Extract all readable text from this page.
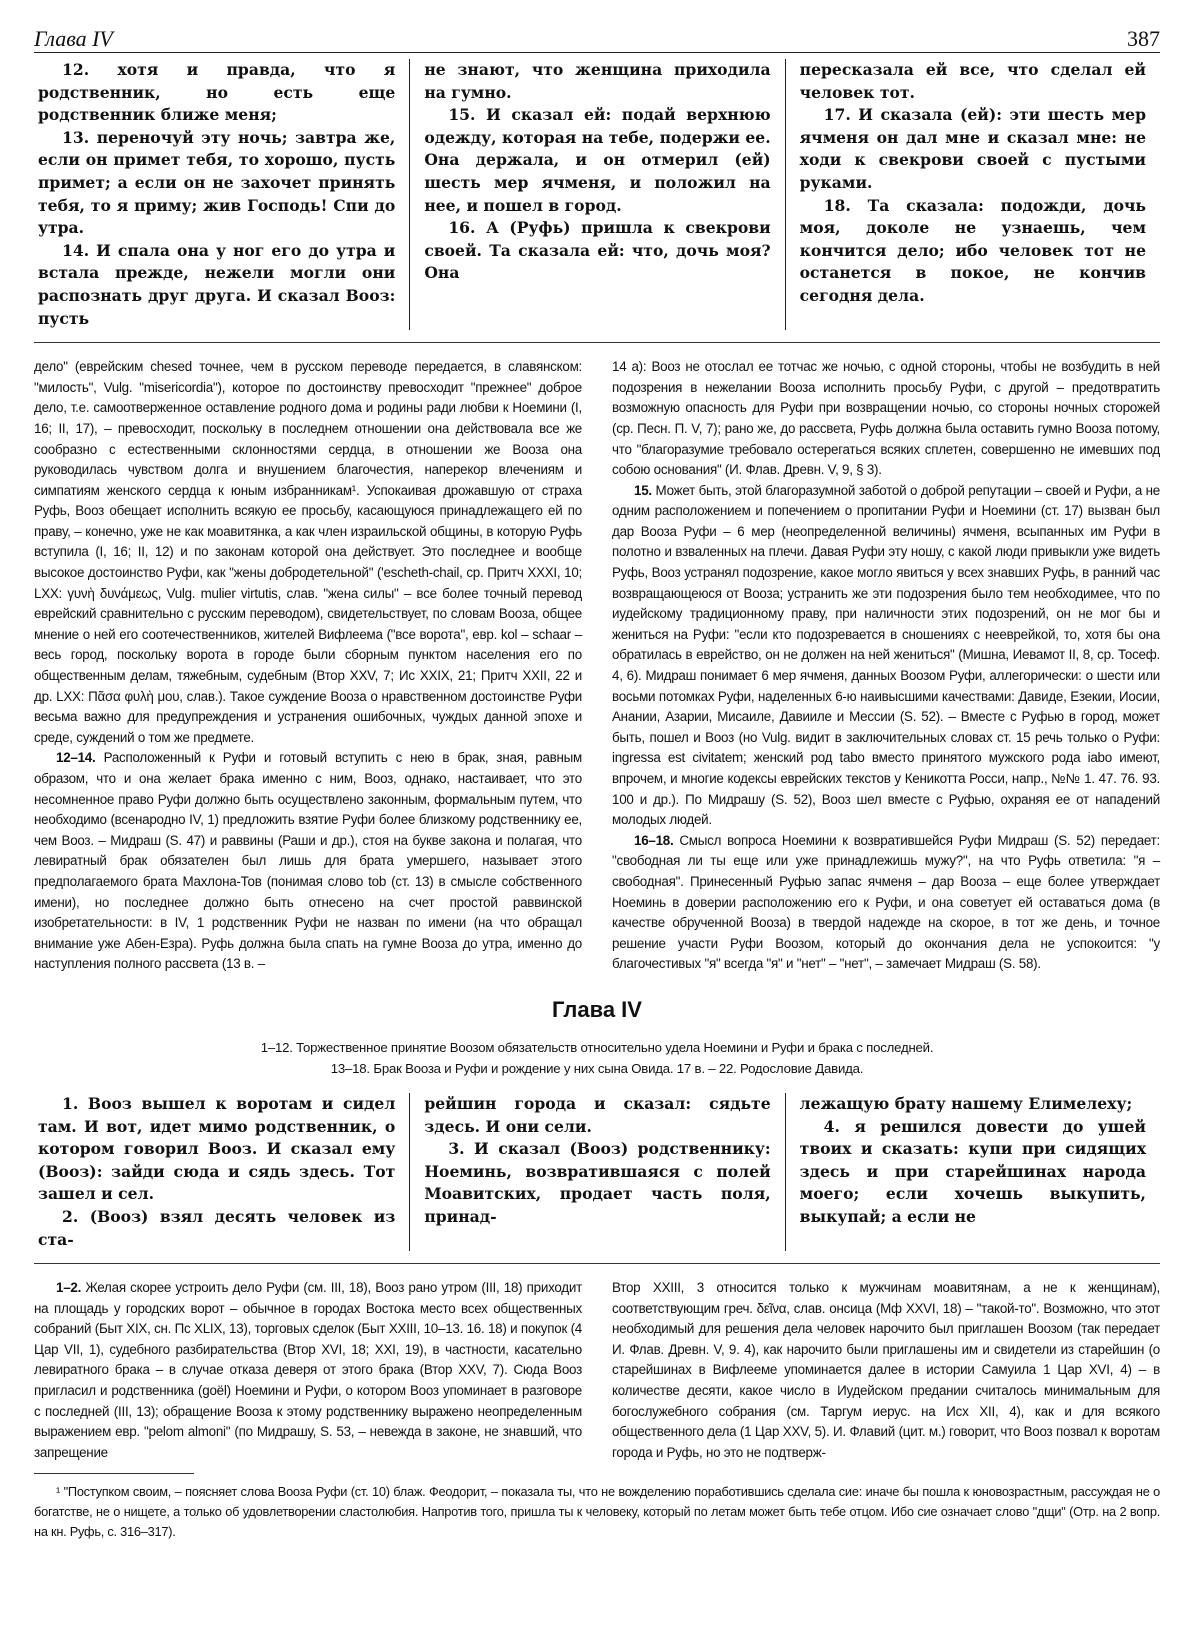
Глава IV	387

12. хотя и правда, что я родственник, но есть еще родственник ближе меня;

13. переночуй эту ночь; завтра же, если он примет тебя, то хорошо, пусть примет; а если он не захочет принять тебя, то я приму; жив Господь! Спи до утра.

14. И спала она у ног его до утра и встала прежде, нежели могли они распознать друг друга. И сказал Вооз: пусть

не знают, что женщина приходила на гумно.

15. И сказал ей: подай верхнюю одежду, которая на тебе, подержи ее. Она держала, и он отмерил (ей) шесть мер ячменя, и положил на нее, и пошел в город.

16. А (Руфь) пришла к свекрови своей. Та сказала ей: что, дочь моя? Она

пересказала ей все, что сделал ей человек тот.

17. И сказала (ей): эти шесть мер ячменя он дал мне и сказал мне: не ходи к свекрови своей с пустыми руками.

18. Та сказала: подожди, дочь моя, доколе не узнаешь, чем кончится дело; ибо человек тот не останется в покое, не кончив сегодня дела.

дело" (еврейским chesed точнее, чем в русском переводе передается, в славянском: "милость", Vulg. "misericordia"), которое по достоинству превосходит "прежнее" доброе дело, т.е. самоотверженное оставление родного дома и родины ради любви к Ноемини (I, 16; II, 17), – превосходит, поскольку в последнем отношении она действовала все же сообразно с естественными склонностями сердца, в отношении же Вооза она руководилась чувством долга и внушением благочестия, наперекор влечениям и симпатиям женского сердца к юным избранникам¹. Успокаивая дрожавшую от страха Руфь, Вооз обещает исполнить всякую ее просьбу, касающуюся принадлежащего ей по праву, – конечно, уже не как моавитянка, а как член израильской общины, в которую Руфь вступила (I, 16; II, 12) и по законам которой она действует. Это последнее и вообще высокое достоинство Руфи, как "жены добродетельной" ('escheth-chail, ср. Притч XXXI, 10; LXX: γυνὴ δυνάμεως, Vulg. mulier virtutis, слав. "жена силы" – все более точный перевод еврейский сравнительно с русским переводом), свидетельствует, по словам Вооза, общее мнение о ней его соотечественников, жителей Вифлеема ("все ворота", евр. kol – schaar – весь город, поскольку ворота в городе были сборным пунктом населения его по общественным делам, тяжебным, судебным (Втор XXV, 7; Ис XXIX, 21; Притч XXII, 22 и др. LXX: Πᾶσα φυλὴ μου, слав.). Такое суждение Вооза о нравственном достоинстве Руфи весьма важно для предупреждения и устранения ошибочных, чуждых данной эпохе и среде, суждений о том же предмете.

12–14. Расположенный к Руфи и готовый вступить с нею в брак, зная, равным образом, что и она желает брака именно с ним, Вооз, однако, настаивает, что это несомненное право Руфи должно быть осуществлено законным, формальным путем, что необходимо (всенародно IV, 1) предложить взятие Руфи более близкому родственнику ее, чем Вооз. – Мидраш (S. 47) и раввины (Раши и др.), стоя на букве закона и полагая, что левиратный брак обязателен был лишь для брата умершего, называет этого предполагаемого брата Махлона-Тов (понимая слово tob (ст. 13) в смысле собственного имени), но последнее должно быть отнесено на счет простой раввинской изобретательности: в IV, 1 родственник Руфи не назван по имени (на что обращал внимание уже Абен-Езра). Руфь должна была спать на гумне Вооза до утра, именно до наступления полного рассвета (13 в. –

14 а): Вооз не отослал ее тотчас же ночью, с одной стороны, чтобы не возбудить в ней подозрения в нежелании Вооза исполнить просьбу Руфи, с другой – предотвратить возможную опасность для Руфи при возвращении ночью, со стороны ночных сторожей (ср. Песн. П. V, 7); рано же, до рассвета, Руфь должна была оставить гумно Вооза потому, что "благоразумие требовало остерегаться всяких сплетен, совершенно не имевших под собою основания" (И. Флав. Древн. V, 9, § 3).

15. Может быть, этой благоразумной заботой о доброй репутации – своей и Руфи, а не одним расположением и попечением о пропитании Руфи и Ноемини (ст. 17) вызван был дар Вооза Руфи – 6 мер (неопределенной величины) ячменя, всыпанных им Руфи в полотно и взваленных на плечи. Давая Руфи эту ношу, с какой люди привыкли уже видеть Руфь, Вооз устранял подозрение, какое могло явиться у всех знавших Руфь, в ранний час возвращающеюся от Вооза; устранить же эти подозрения было тем необходимее, что по иудейскому традиционному праву, при наличности этих подозрений, он не мог бы и жениться на Руфи: "если кто подозревается в сношениях с нееврейкой, то, хотя бы она обратилась в еврейство, он не должен на ней жениться" (Мишна, Иевамот II, 8, ср. Тосеф. 4, 6). Мидраш понимает 6 мер ячменя, данных Воозом Руфи, аллегорически: о шести или восьми потомках Руфи, наделенных 6-ю наивысшими качествами: Давиде, Езекии, Иосии, Анании, Азарии, Мисаиле, Давииле и Мессии (S. 52). – Вместе с Руфью в город, может быть, пошел и Вооз (но Vulg. видит в заключительных словах ст. 15 речь только о Руфи: ingressa est civitatem; женский род tabo вместо принятого мужского рода iabo имеют, впрочем, и многие кодексы еврейских текстов у Кеникотта Росси, напр., №№ 1. 47. 76. 93. 100 и др.). По Мидрашу (S. 52), Вооз шел вместе с Руфью, охраняя ее от нападений молодых людей.

16–18. Смысл вопроса Ноемини к возвратившейся Руфи Мидраш (S. 52) передает: "свободная ли ты еще или уже принадлежишь мужу?", на что Руфь ответила: "я – свободная". Принесенный Руфью запас ячменя – дар Вооза – еще более утверждает Ноеминь в доверии расположению его к Руфи, и она советует ей оставаться дома (в качестве обрученной Вооза) в твердой надежде на скорое, в тот же день, и точное решение участи Руфи Воозом, который до окончания дела не успокоится: "у благочестивых "я" всегда "я" и "нет" – "нет", – замечает Мидраш (S. 58).

Глава IV
1–12. Торжественное принятие Воозом обязательств относительно удела Ноемини и Руфи и брака с последней.
13–18. Брак Вооза и Руфи и рождение у них сына Овида. 17 в. – 22. Родословие Давида.

1. Вооз вышел к воротам и сидел там. И вот, идет мимо родственник, о котором говорил Вооз. И сказал ему (Вооз): зайди сюда и сядь здесь. Тот зашел и сел.

2. (Вооз) взял десять человек из ста-

рейшин города и сказал: сядьте здесь. И они сели.

3. И сказал (Вооз) родственнику: Ноеминь, возвратившаяся с полей Моавитских, продает часть поля, принад-

лежащую брату нашему Елимелеху;

4. я решился довести до ушей твоих и сказать: купи при сидящих здесь и при старейшинах народа моего; если хочешь выкупить, выкупай; а если не

1–2. Желая скорее устроить дело Руфи (см. III, 18), Вооз рано утром (III, 18) приходит на площадь у городских ворот – обычное в городах Востока место всех общественных собраний (Быт XIX, сн. Пс XLIX, 13), торговых сделок (Быт XXIII, 10–13. 16. 18) и покупок (4 Цар VII, 1), судебного разбирательства (Втор XVI, 18; XXI, 19), в частности, касательно левиратного брака – в случае отказа деверя от этого брака (Втор XXV, 7). Сюда Вооз пригласил и родственника (goël) Ноемини и Руфи, о котором Вооз упоминает в разговоре с последней (III, 13); обращение Вооза к этому родственнику выражено неопределенным выражением евр. "pelom almoni" (по Мидрашу, S. 53, – невежда в законе, не знавший, что запрещение

Втор XXIII, 3 относится только к мужчинам моавитянам, а не к женщинам), соответствующим греч. δεῖνα, слав. онсица (Мф XXVI, 18) – "такой-то". Возможно, что этот необходимый для решения дела человек нарочито был приглашен Воозом (так передает И. Флав. Древн. V, 9. 4), как нарочито были приглашены им и свидетели из старейшин (о старейшинах в Вифлееме упоминается далее в истории Самуила 1 Цар XVI, 4) – в количестве десяти, какое число в Иудейском предании считалось минимальным для богослужебного собрания (см. Таргум иерус. на Исх XII, 4), как и для всякого общественного дела (1 Цар XXV, 5). И. Флавий (цит. м.) говорит, что Вооз позвал к воротам города и Руфь, но это не подтверж-

¹ "Поступком своим, – поясняет слова Вооза Руфи (ст. 10) блаж. Феодорит, – показала ты, что не вожделению поработившись сделала сие: иначе бы пошла к юновозрастным, рассуждая не о богатстве, не о нищете, а только об удовлетворении сластолюбия. Напротив того, пришла ты к человеку, который по летам может быть тебе отцом. Ибо сие означает слово "дщи" (Отр. на 2 вопр. на кн. Руфь, с. 316–317).
